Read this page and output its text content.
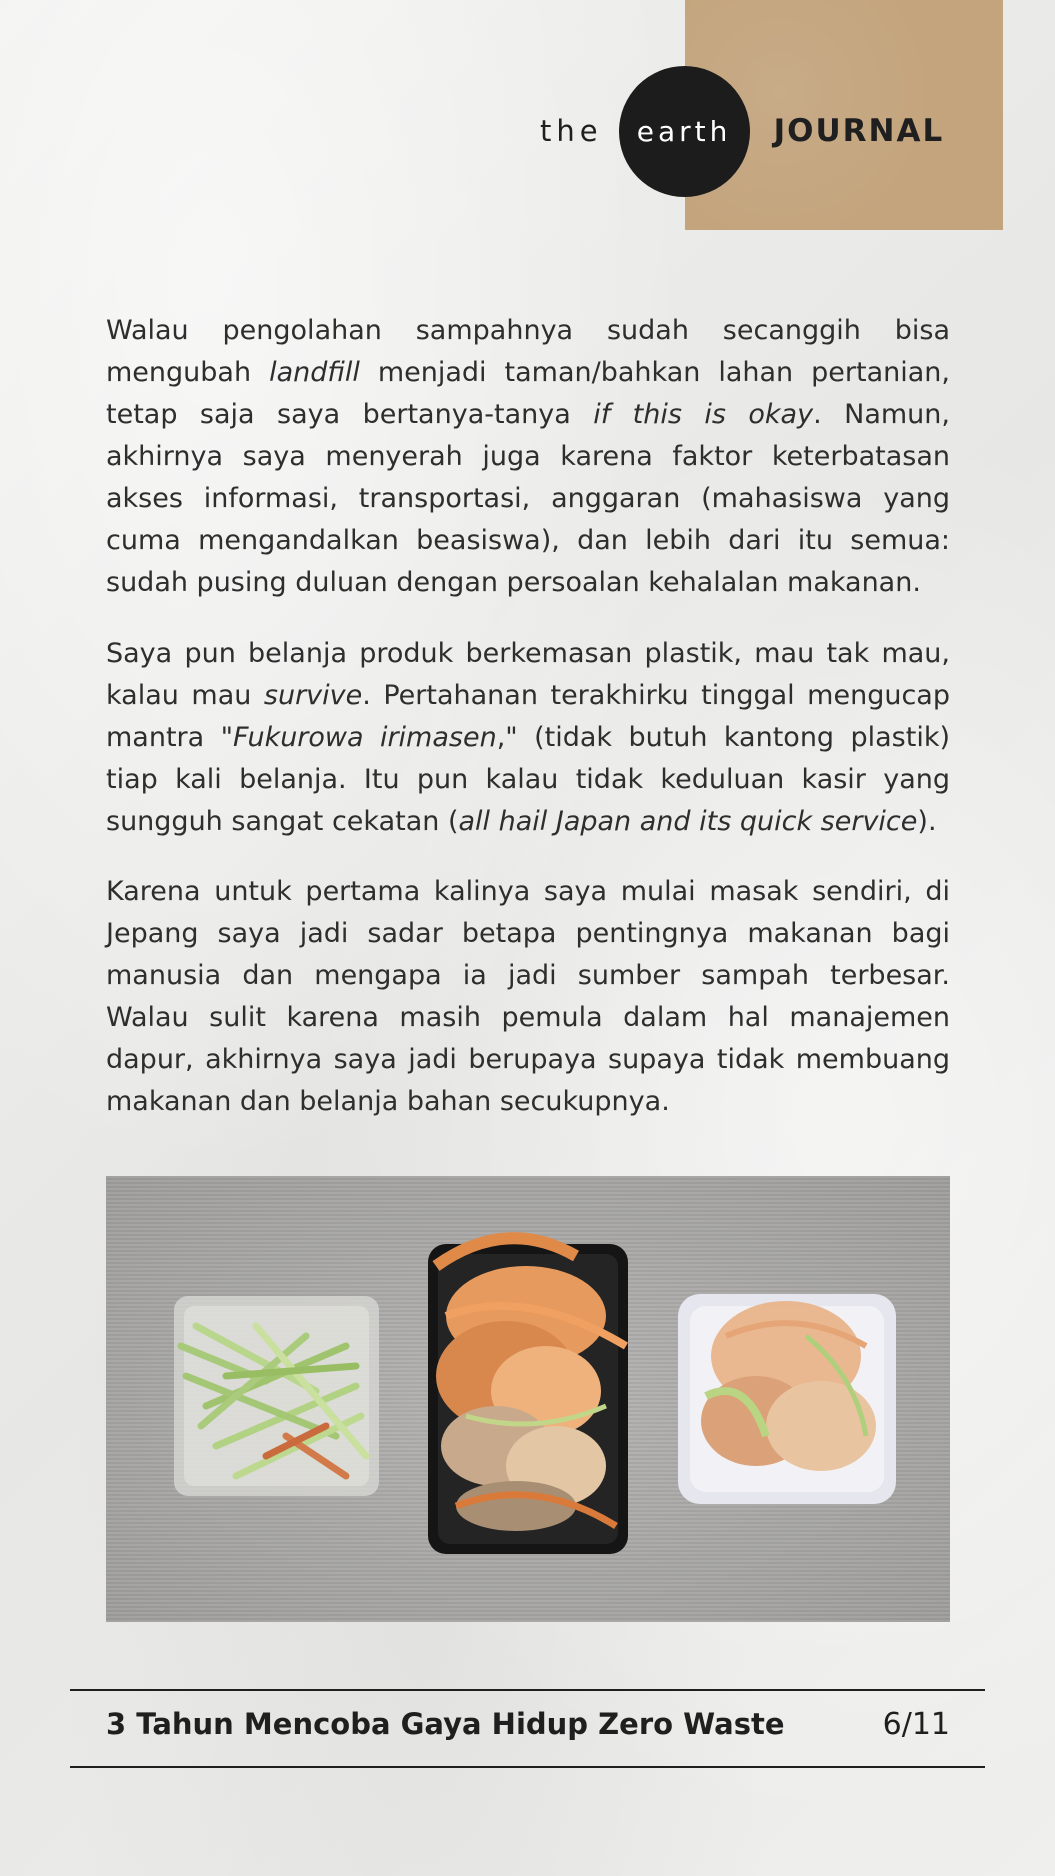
the earth JOURNAL

Walau pengolahan sampahnya sudah secanggih bisa mengubah landfill menjadi taman/bahkan lahan pertanian, tetap saja saya bertanya-tanya if this is okay. Namun, akhirnya saya menyerah juga karena faktor keterbatasan akses informasi, transportasi, anggaran (mahasiswa yang cuma mengandalkan beasiswa), dan lebih dari itu semua: sudah pusing duluan dengan persoalan kehalalan makanan.

Saya pun belanja produk berkemasan plastik, mau tak mau, kalau mau survive. Pertahanan terakhirku tinggal mengucap mantra "Fukurowa irimasen," (tidak butuh kantong plastik) tiap kali belanja. Itu pun kalau tidak keduluan kasir yang sungguh sangat cekatan (all hail Japan and its quick service).

Karena untuk pertama kalinya saya mulai masak sendiri, di Jepang saya jadi sadar betapa pentingnya makanan bagi manusia dan mengapa ia jadi sumber sampah terbesar. Walau sulit karena masih pemula dalam hal manajemen dapur, akhirnya saya jadi berupaya supaya tidak membuang makanan dan belanja bahan secukupnya.

3 Tahun Mencoba Gaya Hidup Zero Waste	6/11
